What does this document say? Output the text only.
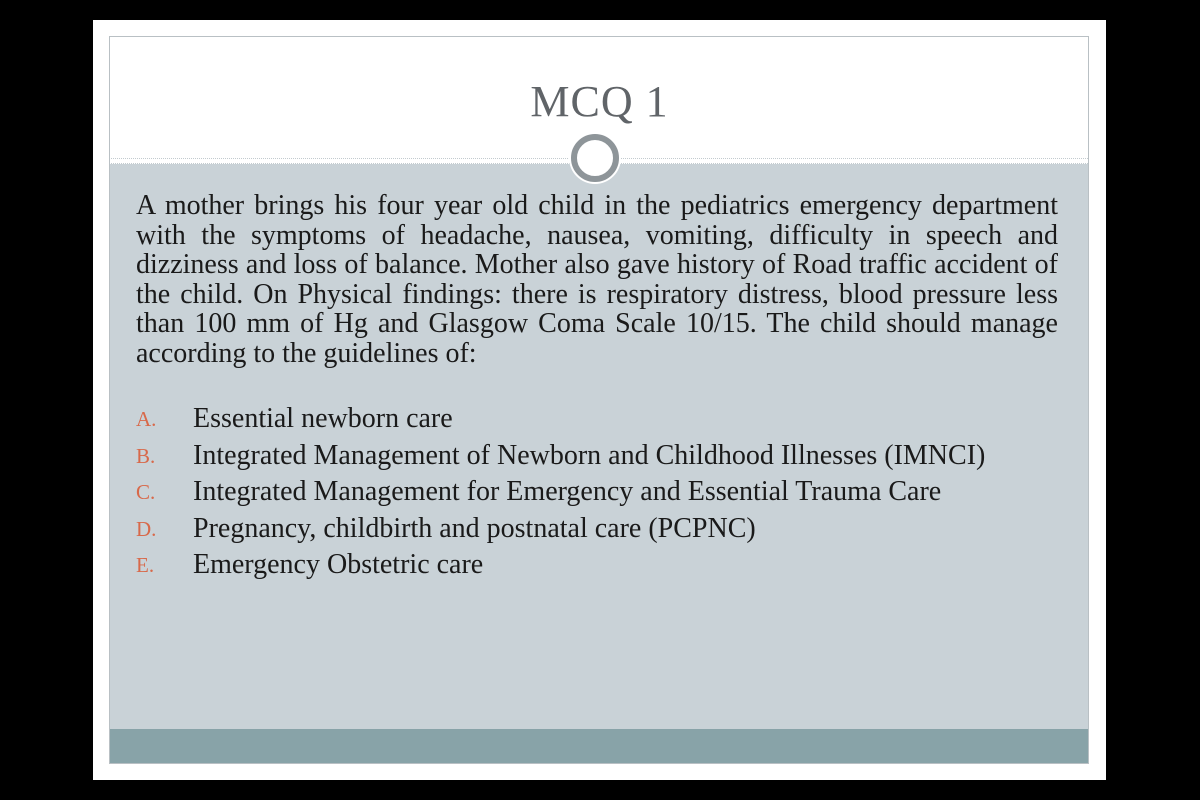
MCQ 1
A mother brings his four year old child in the pediatrics emergency department with the symptoms of headache, nausea, vomiting, difficulty in speech and dizziness and loss of balance. Mother also gave history of Road traffic accident of the child. On Physical findings: there is respiratory distress, blood pressure less than 100 mm of Hg and Glasgow Coma Scale 10/15. The child should manage according to the guidelines of:
A. Essential newborn care
B. Integrated Management of Newborn and Childhood Illnesses (IMNCI)
C. Integrated Management for Emergency and Essential Trauma Care
D. Pregnancy, childbirth and postnatal care (PCPNC)
E. Emergency Obstetric care
